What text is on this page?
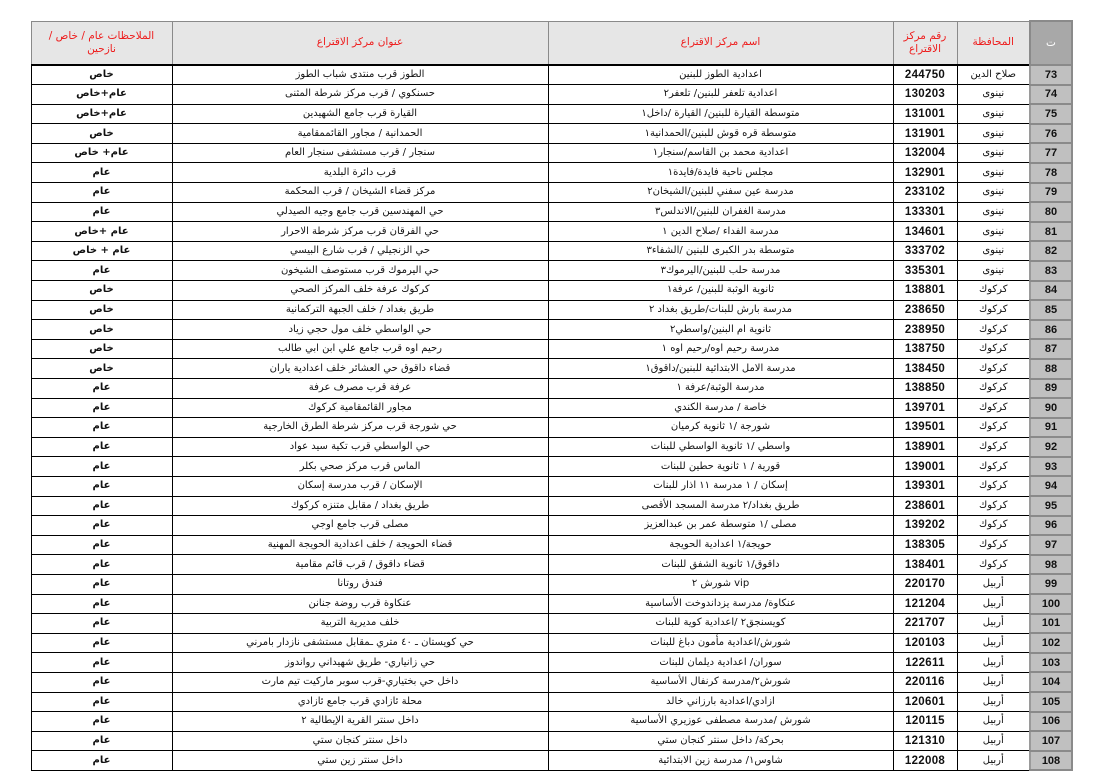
ت	المحافظة	رقم مركز الاقتراع	اسم مركز الاقتراع	عنوان مركز الاقتراع	الملاحظات عام / خاص / نازحين
73	صلاح الدين	244750	اعدادية الطوز للبنين	الطوز قرب منتدى شباب الطوز	خاص
74	نينوى	130203	اعدادية تلعفر للبنين/ تلعفر٢	حسنكوي / قرب مركز شرطة المثنى	عام+خاص
75	نينوى	131001	متوسطة القيارة للبنين/ القيارة /داخل١	القيارة قرب جامع الشهيدين	عام+خاص
76	نينوى	131901	متوسطة قره قوش للبنين/الحمدانية١	الحمدانية / مجاور القائممقامية	خاص
77	نينوى	132004	اعدادية محمد بن القاسم/سنجار١	سنجار / قرب مستشفى سنجار العام	عام+ خاص
78	نينوى	132901	مجلس ناحية فايدة/فايدة١	قرب دائرة البلدية	عام
79	نينوى	233102	مدرسة عين سفني للبنين/الشيخان٢	مركز قضاء الشيخان / قرب المحكمة	عام
80	نينوى	133301	مدرسة الغفران للبنين/الاندلس٣	حي المهندسين قرب جامع وجيه الصيدلي	عام
81	نينوى	134601	مدرسة الفداء /صلاح الدين ١	حي الفرقان قرب مركز شرطة الاحرار	عام +خاص
82	نينوى	333702	متوسطة بدر الكبرى للبنين /الشفاء٣	حي الزنجيلي / قرب شارع البيسي	عام + خاص
83	نينوى	335301	مدرسة حلب للبنين/اليرموك٣	حي اليرموك قرب مستوصف الشيخون	عام
84	كركوك	138801	ثانوية الوثبة للبنين/ عرفة١	كركوك عرفة خلف المركز الصحي	خاص
85	كركوك	238650	مدرسة بارش للبنات/طريق بغداد ٢	طريق بغداد / خلف الجبهة التركمانية	خاص
86	كركوك	238950	ثانوية ام البنين/واسطي٢	حي الواسطي خلف مول حجي زياد	خاص
87	كركوك	138750	مدرسة رحيم اوه/رحيم اوه ١	رحيم اوه قرب جامع علي ابن ابي طالب	خاص
88	كركوك	138450	مدرسة الامل الابتدائية للبنين/داقوق١	قضاء داقوق حي العشائر خلف اعدادية ياران	خاص
89	كركوك	138850	مدرسة الوثبة/عرفة ١	عرفة قرب مصرف عرفة	عام
90	كركوك	139701	خاصة / مدرسة الكندي	مجاور القائمقامية كركوك	عام
91	كركوك	139501	شورجة /١ ثانوية كرميان	حي شورجة قرب مركز شرطة الطرق الخارجية	عام
92	كركوك	138901	واسطي /١ ثانوية الواسطي للبنات	حي الواسطي قرب تكية سيد عواد	عام
93	كركوك	139001	قورية / ١ ثانوية حطين للبنات	الماس قرب مركز صحي بكلر	عام
94	كركوك	139301	إسكان / ١ مدرسة ١١ اذار للبنات	الإسكان / قرب مدرسة إسكان	عام
95	كركوك	238601	طريق بغداد/٢ مدرسة المسجد الأقصى	طريق بغداد / مقابل متنزه كركوك	عام
96	كركوك	139202	مصلى /١ متوسطة عمر بن عبدالعزيز	مصلى قرب جامع اوجي	عام
97	كركوك	138305	حويجة/١ اعدادية الحويجة	قضاء الحويجة / خلف اعدادية الحويجة المهنية	عام
98	كركوك	138401	داقوق/١ ثانوية الشفق للبنات	قضاء داقوق / قرب قائم مقامية	عام
99	أربيل	220170	vip شورش ٢	فندق روتانا	عام
100	أربيل	121204	عنكاوة/ مدرسة يزداندوخت الأساسية	عنكاوة قرب روضة جنانن	عام
101	أربيل	221707	كويسنجق٢ /اعدادية كوية للبنات	خلف مديرية التربية	عام
102	أربيل	120103	شورش/اعدادية مأمون دباغ للبنات	حي كويستان ـ ٤٠ متري ـمقابل مستشفى نازدار بامرني	عام
103	أربيل	122611	سوران/ اعدادية ديلمان للبنات	حي زانياري- طريق شهيداني رواندوز	عام
104	أربيل	220116	شورش٢/مدرسة كرنفال الأساسية	داخل حي بختياري-قرب سوبر ماركيت تيم مارت	عام
105	أربيل	120601	ازادي/اعدادية بارزاني خالد	محلة ئازادي قرب جامع ئازادي	عام
106	أربيل	120115	شورش /مدرسة مصطفى عوزيري الأساسية	داخل سنتر القرية الإيطالية ٢	عام
107	أربيل	121310	بحركة/ داخل سنتر كنجان ستي	داخل سنتر كنجان ستي	عام
108	أربيل	122008	شاوس١/ مدرسة زين الابتدائية	داخل سنتر زين ستي	عام
